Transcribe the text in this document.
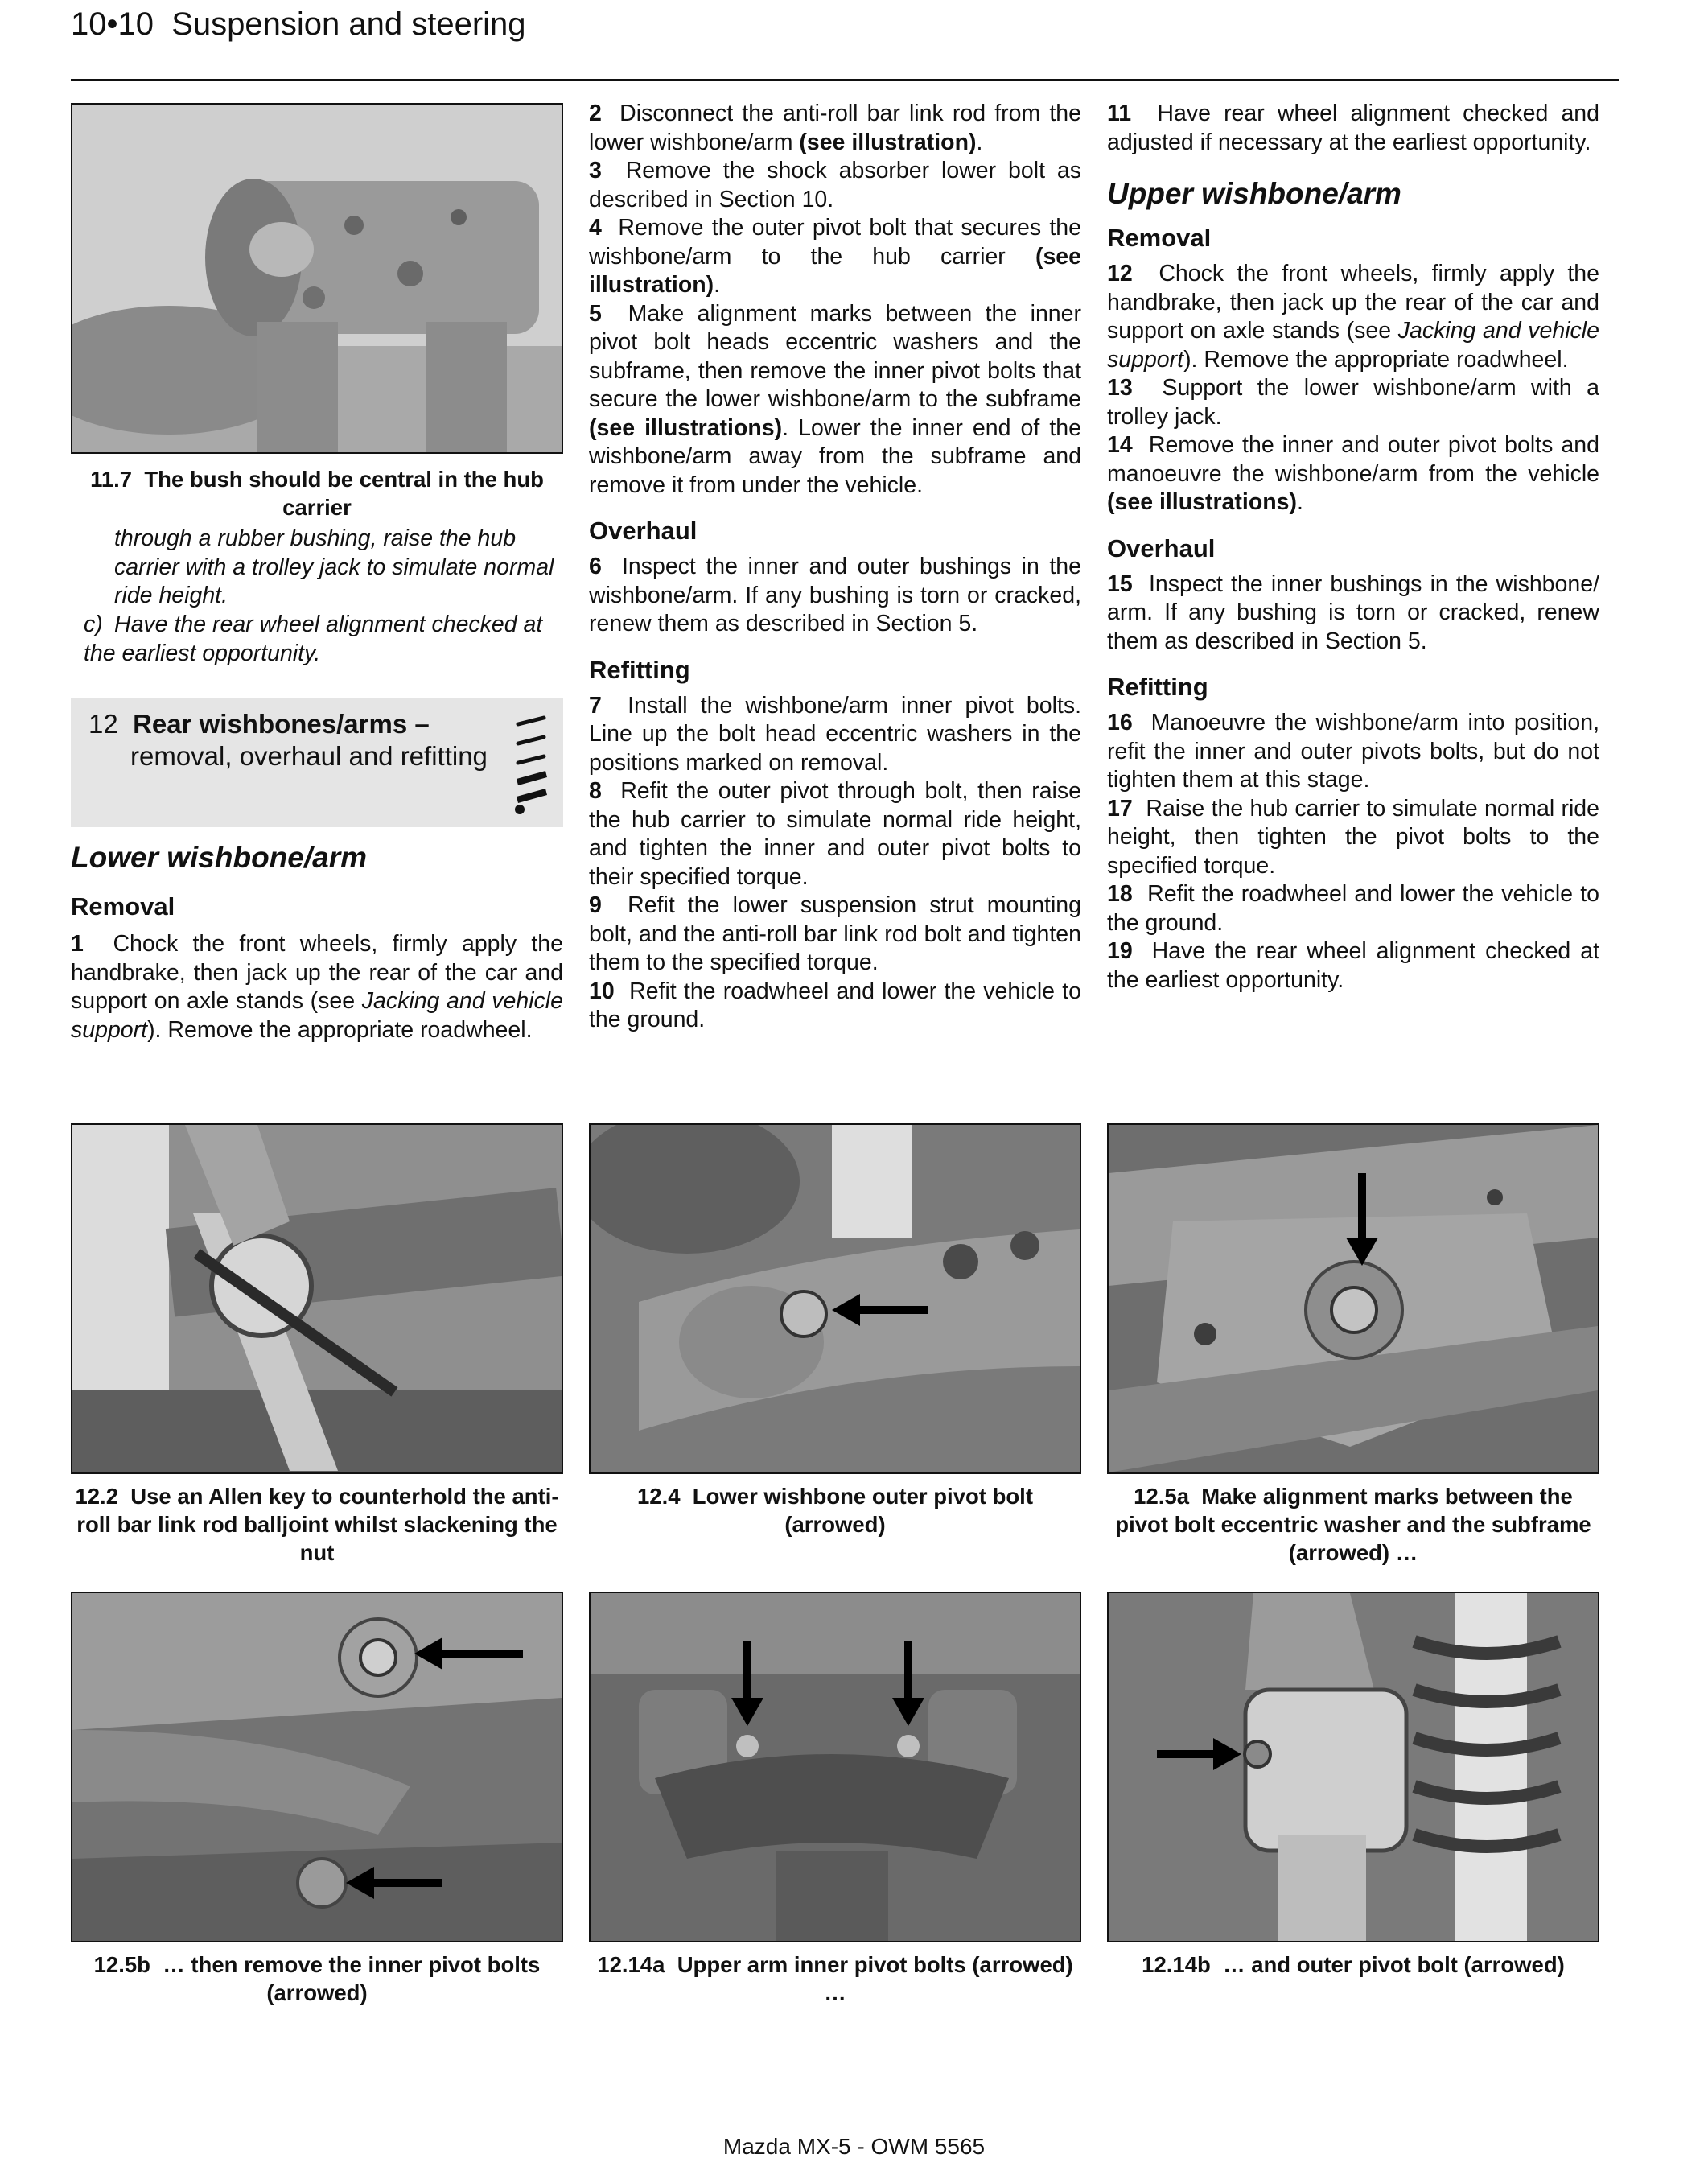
10•10 Suspension and steering
11.7 The bush should be central in the hub carrier
through a rubber bushing, raise the hub carrier with a trolley jack to simulate normal ride height.
c) Have the rear wheel alignment checked at the earliest opportunity.
12 Rear wishbones/arms –
removal, overhaul and refitting

Lower wishbone/arm

Removal

1 Chock the front wheels, firmly apply the handbrake, then jack up the rear of the car and support on axle stands (see Jacking and vehicle support). Remove the appropriate roadwheel.

2 Disconnect the anti-roll bar link rod from the lower wishbone/arm (see illustration).

3 Remove the shock absorber lower bolt as described in Section 10.

4 Remove the outer pivot bolt that secures the wishbone/arm to the hub carrier (see illustration).

5 Make alignment marks between the inner pivot bolt heads eccentric washers and the subframe, then remove the inner pivot bolts that secure the lower wishbone/arm to the subframe (see illustrations). Lower the inner end of the wishbone/arm away from the subframe and remove it from under the vehicle.

Overhaul

6 Inspect the inner and outer bushings in the wishbone/arm. If any bushing is torn or cracked, renew them as described in Section 5.

Refitting

7 Install the wishbone/arm inner pivot bolts. Line up the bolt head eccentric washers in the positions marked on removal.

8 Refit the outer pivot through bolt, then raise the hub carrier to simulate normal ride height, and tighten the inner and outer pivot bolts to their specified torque.

9 Refit the lower suspension strut mounting bolt, and the anti-roll bar link rod bolt and tighten them to the specified torque.

10 Refit the roadwheel and lower the vehicle to the ground.

11 Have rear wheel alignment checked and adjusted if necessary at the earliest opportunity.

Upper wishbone/arm

Removal

12 Chock the front wheels, firmly apply the handbrake, then jack up the rear of the car and support on axle stands (see Jacking and vehicle support). Remove the appropriate roadwheel.

13 Support the lower wishbone/arm with a trolley jack.

14 Remove the inner and outer pivot bolts and manoeuvre the wishbone/arm from the vehicle (see illustrations).

Overhaul

15 Inspect the inner bushings in the wishbone/ arm. If any bushing is torn or cracked, renew them as described in Section 5.

Refitting

16 Manoeuvre the wishbone/arm into position, refit the inner and outer pivots bolts, but do not tighten them at this stage.

17 Raise the hub carrier to simulate normal ride height, then tighten the pivot bolts to the specified torque.

18 Refit the roadwheel and lower the vehicle to the ground.

19 Have the rear wheel alignment checked at the earliest opportunity.

12.2 Use an Allen key to counterhold the anti-roll bar link rod balljoint whilst slackening the nut
12.4 Lower wishbone outer pivot bolt (arrowed)
12.5a Make alignment marks between the pivot bolt eccentric washer and the subframe (arrowed) …
12.5b … then remove the inner pivot bolts (arrowed)
12.14a Upper arm inner pivot bolts (arrowed) …
12.14b … and outer pivot bolt (arrowed)
Mazda MX-5 - OWM 5565
